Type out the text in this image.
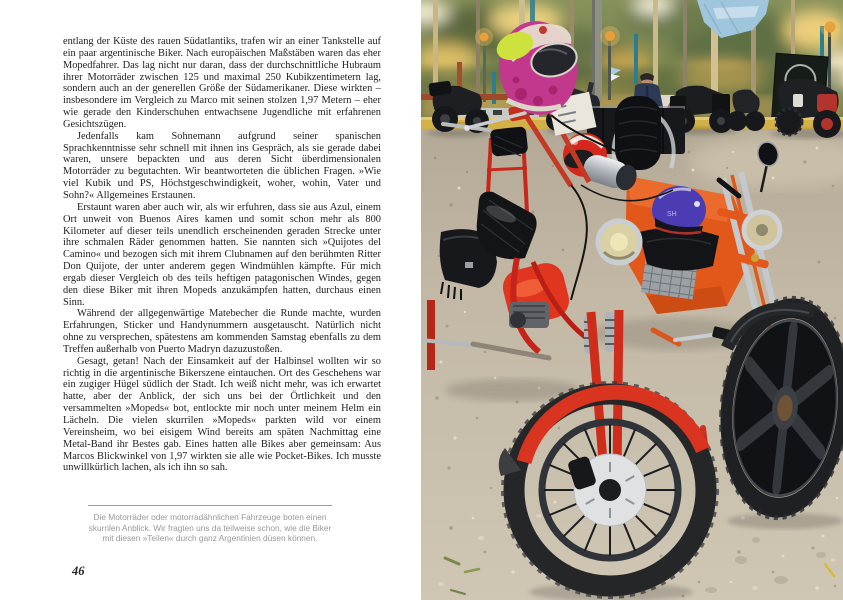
entlang der Küste des rauen Südatlantiks, trafen wir an einer Tankstelle auf ein paar argentinische Biker. Nach europäischen Maßstäben waren das eher Mopedfahrer. Das lag nicht nur daran, dass der durchschnittliche Hubraum ihrer Motorräder zwischen 125 und maximal 250 Kubikzentimetern lag, sondern auch an der generellen Größe der Südamerikaner. Diese wirkten – insbesondere im Vergleich zu Marco mit seinen stolzen 1,97 Metern – eher wie gerade den Kinderschuhen entwachsene Jugendliche mit erfahrenen Gesichtszügen.

Jedenfalls kam Sohnemann aufgrund seiner spanischen Sprachkenntnisse sehr schnell mit ihnen ins Gespräch, als sie gerade dabei waren, unsere bepackten und aus deren Sicht überdimensionalen Motorräder zu begutachten. Wir beantworteten die üblichen Fragen. »Wie viel Kubik und PS, Höchstgeschwindigkeit, woher, wohin, Vater und Sohn?« Allgemeines Erstaunen.

Erstaunt waren aber auch wir, als wir erfuhren, dass sie aus Azul, einem Ort unweit von Buenos Aires kamen und somit schon mehr als 800 Kilometer auf dieser teils unendlich erscheinenden geraden Strecke unter ihre schmalen Räder genommen hatten. Sie nannten sich »Quijotes del Camino« und bezogen sich mit ihrem Clubnamen auf den berühmten Ritter Don Quijote, der unter anderem gegen Windmühlen kämpfte. Für mich ergab dieser Vergleich ob des teils heftigen patagonischen Windes, gegen den diese Biker mit ihren Mopeds anzukämpfen hatten, durchaus einen Sinn.

Während der allgegenwärtige Matebecher die Runde machte, wurden Erfahrungen, Sticker und Handynummern ausgetauscht. Natürlich nicht ohne zu versprechen, spätestens am kommenden Samstag ebenfalls zu dem Treffen außerhalb von Puerto Madryn dazuzustoßen.

Gesagt, getan! Nach der Einsamkeit auf der Halbinsel wollten wir so richtig in die argentinische Bikerszene eintauchen. Ort des Geschehens war ein zugiger Hügel südlich der Stadt. Ich weiß nicht mehr, was ich erwartet hatte, aber der Anblick, der sich uns bei der Örtlichkeit und den versammelten »Mopeds« bot, entlockte mir noch unter meinem Helm ein Lächeln. Die vielen skurrilen »Mopeds« parkten wild vor einem Vereinsheim, wo bei eisigem Wind bereits am späten Nachmittag eine Metal-Band ihr Bestes gab. Eines hatten alle Bikes aber gemeinsam: Aus Marcos Blickwinkel von 1,97 wirkten sie alle wie Pocket-Bikes. Ich musste unwillkürlich lachen, als ich ihn so sah.

Die Motorräder oder motorradähnlichen Fahrzeuge boten einen skurrilen Anblick. Wir fragten uns da teilweise schon, wie die Biker mit diesen »Teilen« durch ganz Argentinien düsen können.
46
SH
